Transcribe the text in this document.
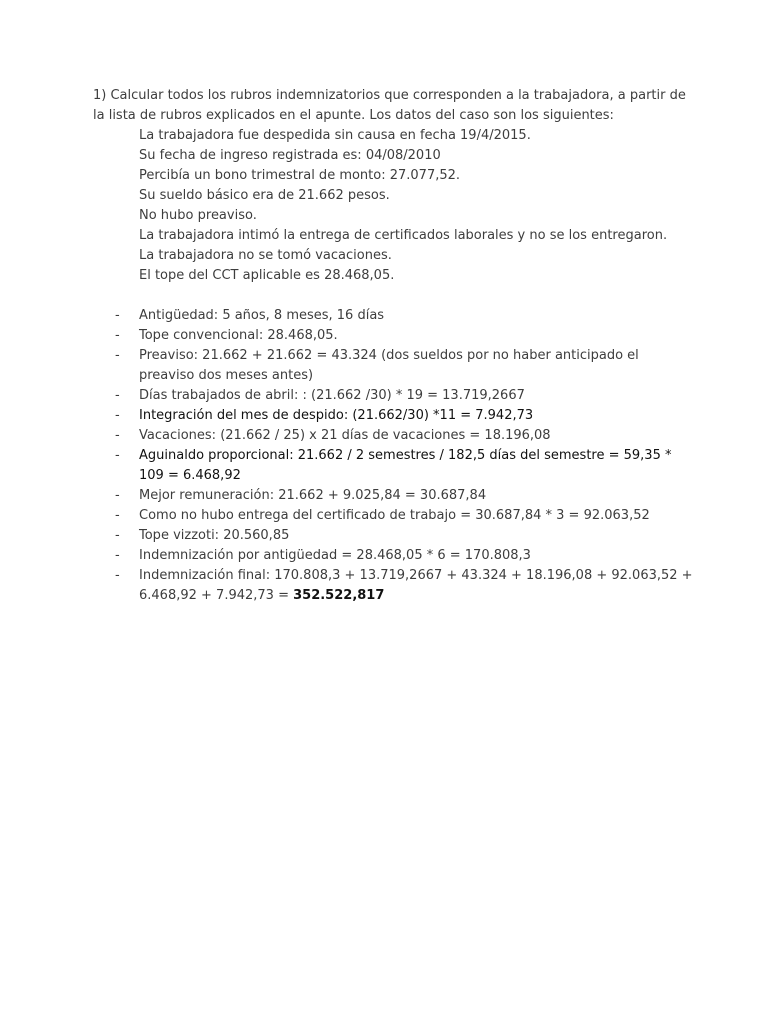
1) Calcular todos los rubros indemnizatorios que corresponden a la trabajadora, a partir de la lista de rubros explicados en el apunte. Los datos del caso son los siguientes:

La trabajadora fue despedida sin causa en fecha 19/4/2015.
Su fecha de ingreso registrada es: 04/08/2010
Percibía un bono trimestral de monto: 27.077,52.
Su sueldo básico era de 21.662 pesos.
No hubo preaviso.
La trabajadora intimó la entrega de certificados laborales y no se los entregaron.
La trabajadora no se tomó vacaciones.
El tope del CCT aplicable es 28.468,05.
- Antigüedad: 5 años, 8 meses, 16 días
- Tope convencional: 28.468,05.
- Preaviso: 21.662 + 21.662 = 43.324 (dos sueldos por no haber anticipado el preaviso dos meses antes)
- Días trabajados de abril: : (21.662 /30) * 19 = 13.719,2667
- Integración del mes de despido: (21.662/30) *11 = 7.942,73
- Vacaciones: (21.662 / 25) x 21 días de vacaciones = 18.196,08
- Aguinaldo proporcional: 21.662 / 2 semestres / 182,5 días del semestre = 59,35 * 109 = 6.468,92
- Mejor remuneración: 21.662 + 9.025,84 = 30.687,84
- Como no hubo entrega del certificado de trabajo = 30.687,84 * 3 = 92.063,52
- Tope vizzoti: 20.560,85
- Indemnización por antigüedad = 28.468,05 * 6 = 170.808,3
- Indemnización final: 170.808,3 + 13.719,2667 + 43.324 + 18.196,08 + 92.063,52 + 6.468,92 + 7.942,73 = 352.522,817
